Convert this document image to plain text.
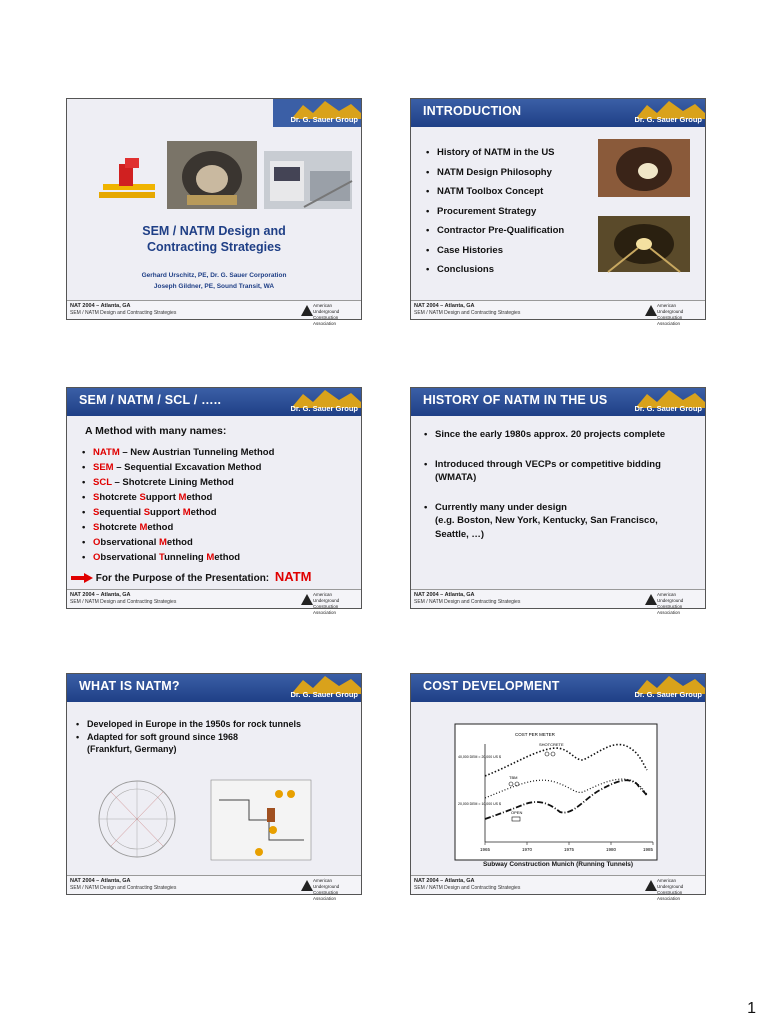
Dr. G. Sauer Group
SEM / NATM Design and
Contracting Strategies
Gerhard Urschitz, PE, Dr. G. Sauer Corporation
Joseph Gildner, PE, Sound Transit, WA
NAT 2004 – Atlanta, GA
SEM / NATM Design and Contracting Strategies
American Underground Construction Association
INTRODUCTION
Dr. G. Sauer Group
• History of NATM in the US
• NATM Design Philosophy
• NATM Toolbox Concept
• Procurement Strategy
• Contractor Pre-Qualification
• Case Histories
• Conclusions
NAT 2004 – Atlanta, GA
SEM / NATM Design and Contracting Strategies
American Underground Construction Association
SEM / NATM / SCL / …..
Dr. G. Sauer Group
A Method with many names:
• NATM – New Austrian Tunneling Method
• SEM – Sequential Excavation Method
• SCL – Shotcrete Lining Method
• Shotcrete Support Method
• Sequential Support Method
• Shotcrete Method
• Observational Method
• Observational Tunneling Method
For the Purpose of the Presentation: NATM
NAT 2004 – Atlanta, GA
SEM / NATM Design and Contracting Strategies
American Underground Construction Association
HISTORY OF NATM IN THE US
Dr. G. Sauer Group
• Since the early 1980s approx. 20 projects complete
• Introduced through VECPs or competitive bidding (WMATA)
• Currently many under design
(e.g. Boston, New York, Kentucky, San Francisco, Seattle, …)
NAT 2004 – Atlanta, GA
SEM / NATM Design and Contracting Strategies
American Underground Construction Association
WHAT IS NATM?
Dr. G. Sauer Group
• Developed in Europe in the 1950s for rock tunnels
• Adapted for soft ground since 1968
(Frankfurt, Germany)
NAT 2004 – Atlanta, GA
SEM / NATM Design and Contracting Strategies
American Underground Construction Association
COST DEVELOPMENT
Dr. G. Sauer Group
COST PER METER
40,000 DEM = 20,000 US $
20,000 DEM = 10,000 US $
SHOTCRETE
TBM
OPEN
1965	1970	1975	1980	1985
Subway Construction Munich (Running Tunnels)
NAT 2004 – Atlanta, GA
SEM / NATM Design and Contracting Strategies
American Underground Construction Association
1
